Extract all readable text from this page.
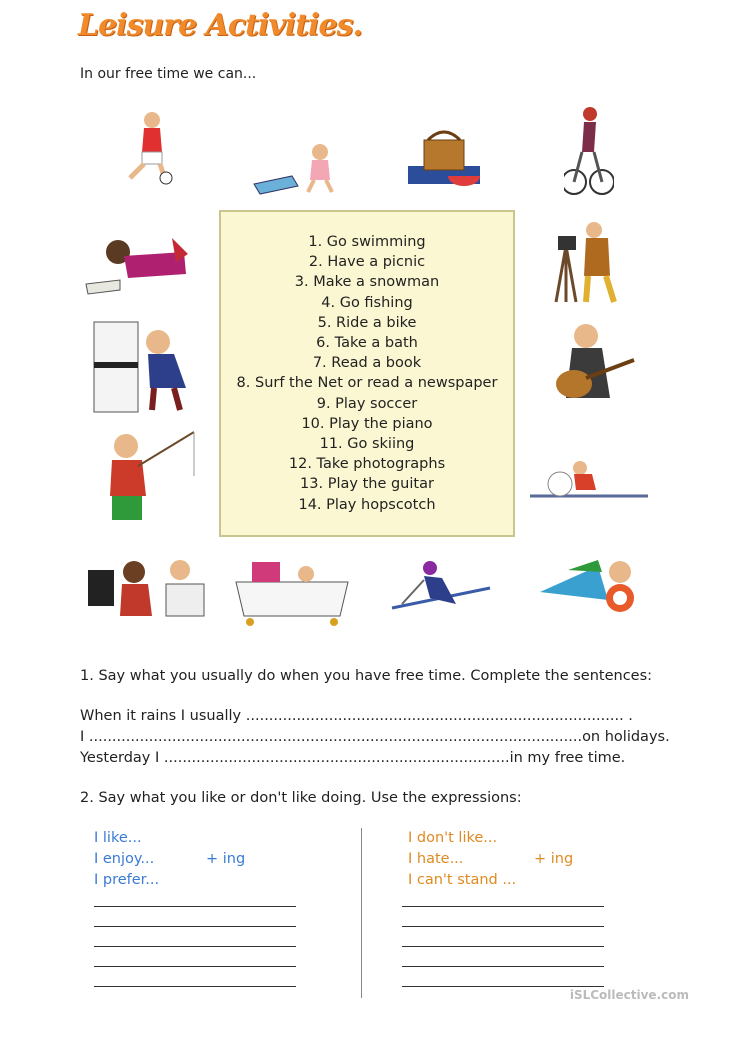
Leisure Activities.
In our free time we can...
1. Go swimming
2. Have a picnic
3. Make a snowman
4. Go fishing
5. Ride a bike
6. Take a bath
7. Read a book
8. Surf the Net or read a newspaper
9. Play soccer
10. Play the piano
11. Go skiing
12. Take photographs
13. Play the guitar
14. Play hopscotch
1. Say what you usually do when you have free time. Complete the sentences:
When it rains I usually .................................................................................. .
I ...........................................................................................................on holidays.
Yesterday I ...........................................................................in my free time.
2. Say what you like or don't like doing. Use the expressions:
I like...
I enjoy...
I prefer...
+ ing
I don't like...
I hate...
I can't stand ...
+ ing
iSLCollective.com
